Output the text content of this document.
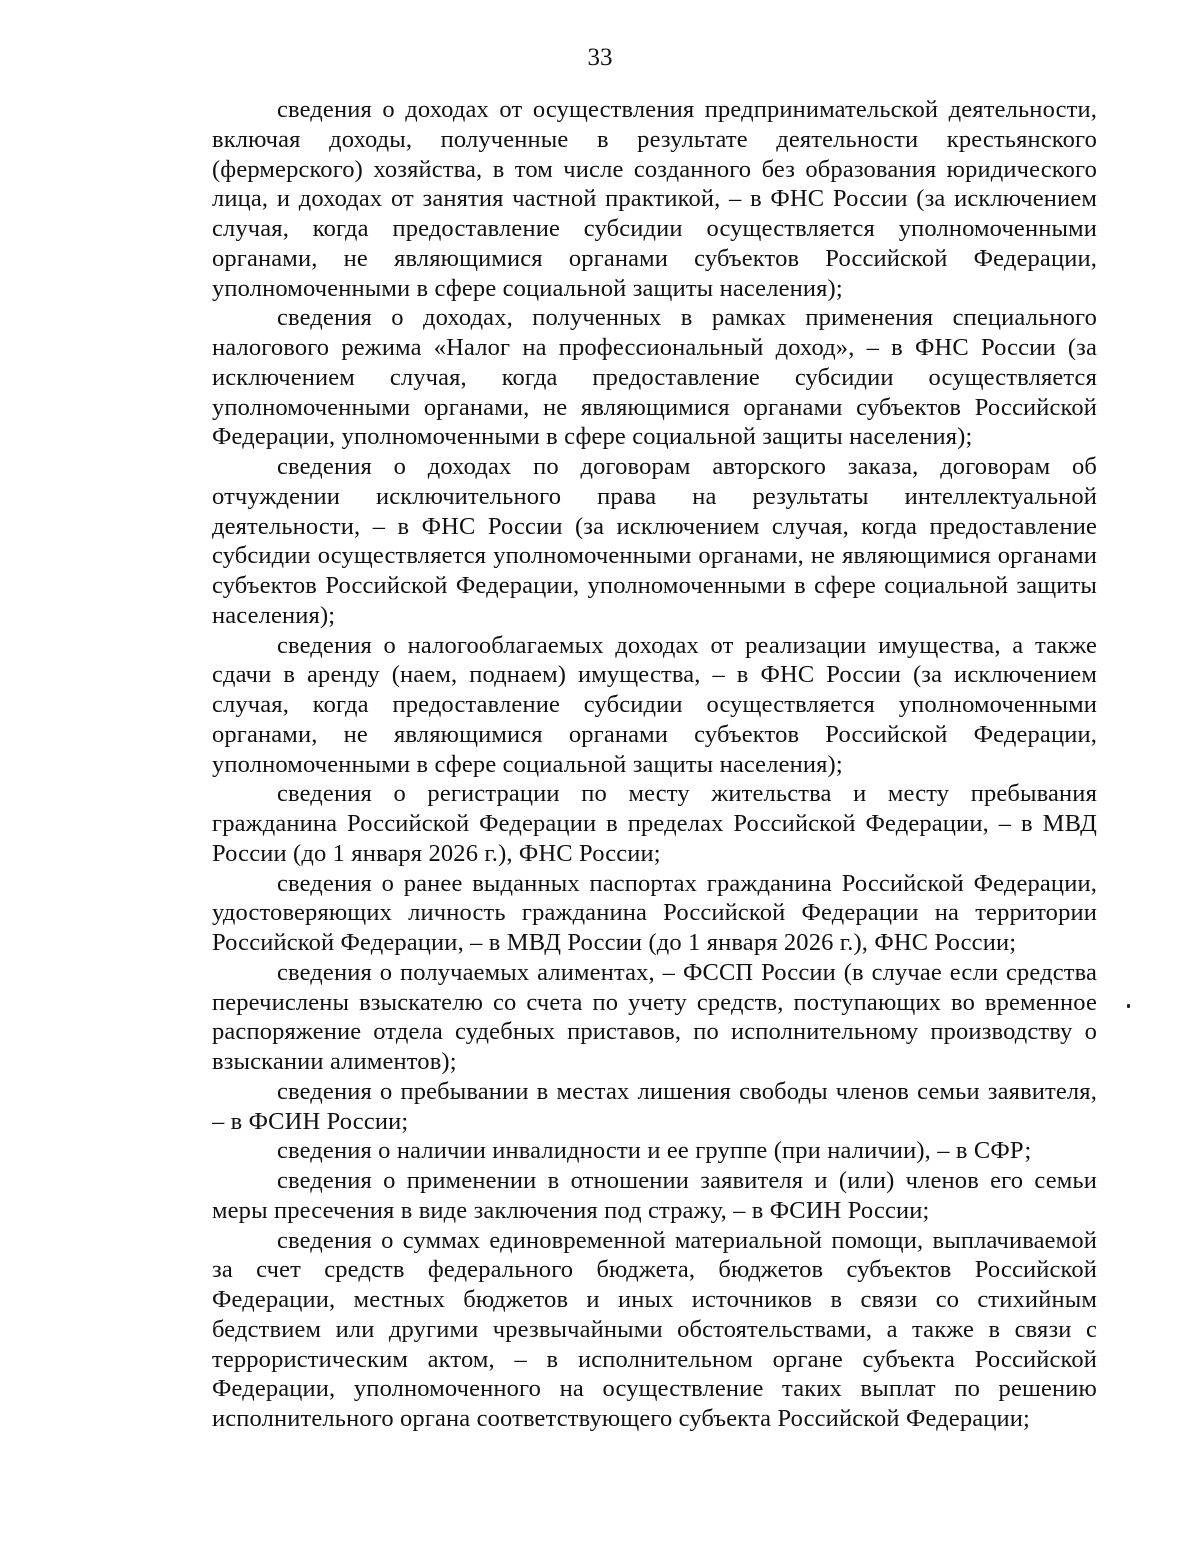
33

сведения о доходах от осуществления предпринимательской деятельности, включая доходы, полученные в результате деятельности крестьянского (фермерского) хозяйства, в том числе созданного без образования юридического лица, и доходах от занятия частной практикой, – в ФНС России (за исключением случая, когда предоставление субсидии осуществляется уполномоченными органами, не являющимися органами субъектов Российской Федерации, уполномоченными в сфере социальной защиты населения);

сведения о доходах, полученных в рамках применения специального налогового режима «Налог на профессиональный доход», – в ФНС России (за исключением случая, когда предоставление субсидии осуществляется уполномоченными органами, не являющимися органами субъектов Российской Федерации, уполномоченными в сфере социальной защиты населения);

сведения о доходах по договорам авторского заказа, договорам об отчуждении исключительного права на результаты интеллектуальной деятельности, – в ФНС России (за исключением случая, когда предоставление субсидии осуществляется уполномоченными органами, не являющимися органами субъектов Российской Федерации, уполномоченными в сфере социальной защиты населения);

сведения о налогооблагаемых доходах от реализации имущества, а также сдачи в аренду (наем, поднаем) имущества, – в ФНС России (за исключением случая, когда предоставление субсидии осуществляется уполномоченными органами, не являющимися органами субъектов Российской Федерации, уполномоченными в сфере социальной защиты населения);

сведения о регистрации по месту жительства и месту пребывания гражданина Российской Федерации в пределах Российской Федерации, – в МВД России (до 1 января 2026 г.), ФНС России;

сведения о ранее выданных паспортах гражданина Российской Федерации, удостоверяющих личность гражданина Российской Федерации на территории Российской Федерации, – в МВД России (до 1 января 2026 г.), ФНС России;

сведения о получаемых алиментах, – ФССП России (в случае если средства перечислены взыскателю со счета по учету средств, поступающих во временное распоряжение отдела судебных приставов, по исполнительному производству о взыскании алиментов);

сведения о пребывании в местах лишения свободы членов семьи заявителя, – в ФСИН России;

сведения о наличии инвалидности и ее группе (при наличии), – в СФР;

сведения о применении в отношении заявителя и (или) членов его семьи меры пресечения в виде заключения под стражу, – в ФСИН России;

сведения о суммах единовременной материальной помощи, выплачиваемой за счет средств федерального бюджета, бюджетов субъектов Российской Федерации, местных бюджетов и иных источников в связи со стихийным бедствием или другими чрезвычайными обстоятельствами, а также в связи с террористическим актом, – в исполнительном органе субъекта Российской Федерации, уполномоченного на осуществление таких выплат по решению исполнительного органа соответствующего субъекта Российской Федерации;
